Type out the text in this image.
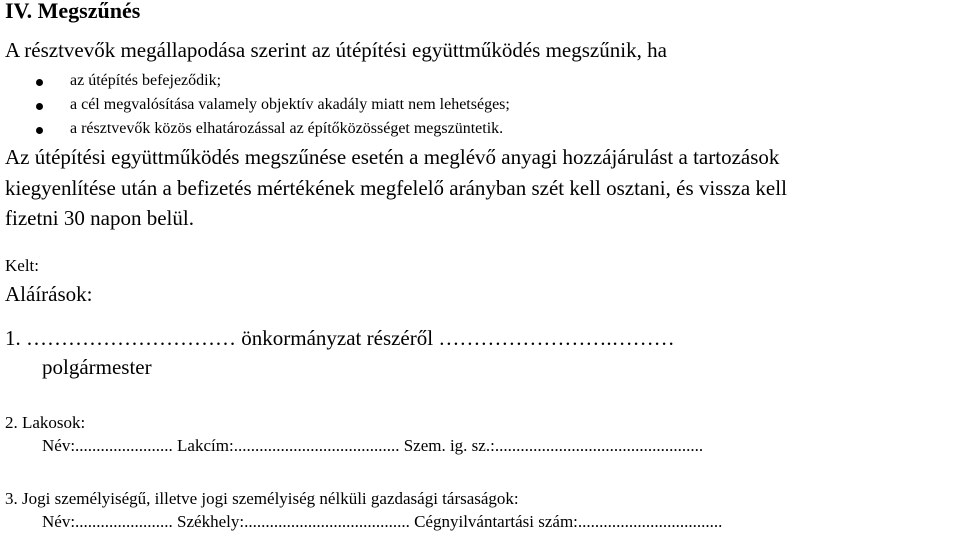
IV. Megszűnés
A résztvevők megállapodása szerint az útépítési együttműködés megszűnik, ha
az útépítés befejeződik;
a cél megvalósítása valamely objektív akadály miatt nem lehetséges;
a résztvevők közös elhatározással az építőközösséget megszüntetik.
Az útépítési együttműködés megszűnése esetén a meglévő anyagi hozzájárulást a tartozások
kiegyenlítése után a befizetés mértékének megfelelő arányban szét kell osztani, és vissza kell
fizetni 30 napon belül.
Kelt:
Aláírások:
1. ………………………… önkormányzat részéről …………………….………
polgármester
2. Lakosok:
Név:....................... Lakcím:....................................... Szem. ig. sz.:.................................................
3. Jogi személyiségű, illetve jogi személyiség nélküli gazdasági társaságok:
Név:....................... Székhely:....................................... Cégnyilvántartási szám:..................................
